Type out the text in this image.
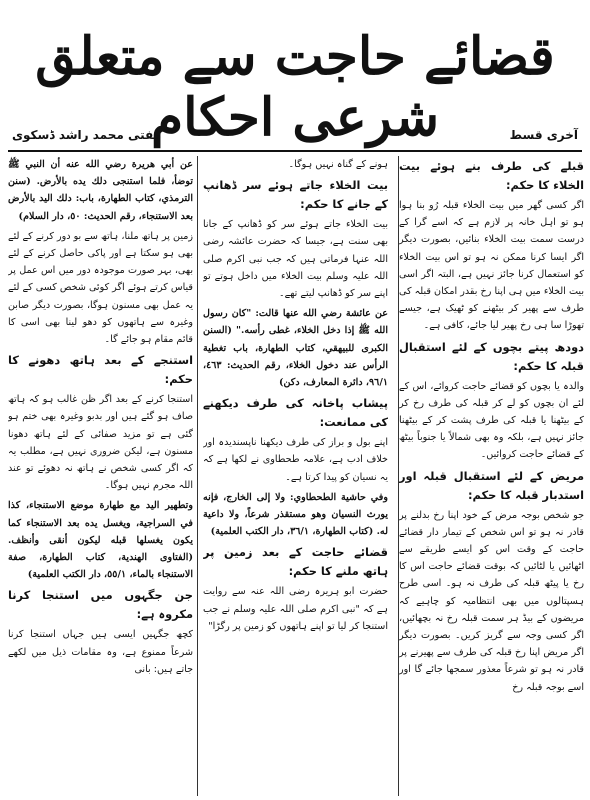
قضائے حاجت سے متعلق شرعی احکام	آخری قسط
مفتی محمد راشد ڈسکوی
قبلے کی طرف بنے ہوئے بیت الخلاء کا حکم:
اگر کسی گھر میں بیت الخلاء قبلہ رُو بنا ہوا ہو تو اہل خانہ پر لازم ہے کہ اسے گرا کے درست سمت بیت الخلاء بنائیں، بصورت دیگر اگر ایسا کرنا ممکن نہ ہو تو اس بیت الخلاء کو استعمال کرنا جائز نہیں ہے، البتہ اگر اسی بیت الخلاء میں ہی اپنا رخ بقدر امکان قبلہ کی طرف سے پھیر کر بیٹھنے کو ٹھیک ہے، جیسے تھوڑا سا ہی رخ پھیر لیا جائے، کافی ہے۔
دودھ پیتے بچوں کے لئے استقبال قبلہ کا حکم:
والدہ یا بچوں کو قضائے حاجت کروائے، اس کے لئے ان بچوں کو لے کر قبلہ کی طرف رخ کر کے بیٹھنا یا قبلہ کی طرف پشت کر کے بیٹھنا جائز نہیں ہے، بلکہ وہ بھی شمالاً یا جنوباً بیٹھ کے قضائے حاجت کروائیں۔
مریض کے لئے استقبال قبلہ اور استدبار قبلہ کا حکم:
جو شخص بوجہ مرض کے خود اپنا رخ بدلنے پر قادر نہ ہو تو اس شخص کے تیمار دار قضائے حاجت کے وقت اس کو ایسے طریقے سے اٹھائیں یا لٹائیں کہ بوقت قضائے حاجت اس کا رخ یا پیٹھ قبلہ کی طرف نہ ہو۔ اسی طرح ہسپتالوں میں بھی انتظامیہ کو چاہیے کہ مریضوں کے بیڈ ہر سمت قبلہ رخ نہ بچھائیں، اگر کسی وجہ سے گریز کریں۔ بصورت دیگر اگر مریض اپنا رخ قبلہ کی طرف سے پھیرنے پر قادر نہ ہو تو شرعاً معذور سمجھا جائے گا اور اسے بوجہ قبلہ رخ
ہونے کے گناہ نہیں ہوگا۔
بیت الخلاء جاتے ہوئے سر ڈھانپ کے جانے کا حکم:
بیت الخلاء جاتے ہوئے سر کو ڈھانپ کے جانا بھی سنت ہے، جیسا کہ حضرت عائشہ رضی اللہ عنہا فرماتی ہیں کہ جب نبی اکرم صلی اللہ علیہ وسلم بیت الخلاء میں داخل ہوتے تو اپنے سر کو ڈھانپ لیتے تھے۔
عن عائشة رضي الله عنها قالت: "كان رسول الله ﷺ إذا دخل الخلاء، غطى رأسه." (السنن الكبرى للبيهقي، كتاب الطهارة، باب تغطية الرأس عند دخول الخلاء، رقم الحديث: ٤٦٣، ٩٦/١، دائرة المعارف، دكن)
پیشاب پاخانہ کی طرف دیکھنے کی ممانعت:
اپنے بول و براز کی طرف دیکھنا ناپسندیدہ اور خلاف ادب ہے، علامہ طحطاوی نے لکھا ہے کہ یہ نسیان کو پیدا کرتا ہے۔
وفي حاشية الطحطاوي: ولا إلى الخارج، فإنه يورث النسيان وهو مستقذر شرعاً، ولا داعية له. (كتاب الطهارة، ٣٦/١، دار الكتب العلمية)
قضائے حاجت کے بعد زمین پر ہاتھ ملنے کا حکم:
حضرت ابو ہریرہ رضی اللہ عنہ سے روایت ہے کہ "نبی اکرم صلی اللہ علیہ وسلم نے جب استنجا کر لیا تو اپنے ہاتھوں کو زمین پر رگڑا"
عن أبي هريرة رضي الله عنه أن النبي ﷺ توضأ، فلما استنجى دلك يده بالأرض. (سنن الترمذي، كتاب الطهارة، باب: دلك اليد بالأرض بعد الاستنجاء، رقم الحديث: ٥٠، دار السلام)
زمین پر ہاتھ ملنا، ہاتھ سے بو دور کرنے کے لئے بھی ہو سکتا ہے اور پاکی حاصل کرنے کے لئے بھی، بہر صورت موجودہ دور میں اس عمل پر قیاس کرتے ہوئے اگر کوئی شخص کسی کے لئے یہ عمل بھی مسنون ہوگا، بصورت دیگر صابن وغیرہ سے ہاتھوں کو دھو لینا بھی اسی کا قائم مقام ہو جائے گا۔
استنجے کے بعد ہاتھ دھونے کا حکم:
استنجا کرنے کے بعد اگر ظن غالب ہو کہ ہاتھ صاف ہو گئے ہیں اور بدبو وغیرہ بھی ختم ہو گئی ہے تو مزید صفائی کے لئے ہاتھ دھونا مسنون ہے، لیکن ضروری نہیں ہے، مطلب یہ کہ اگر کسی شخص نے ہاتھ نہ دھوئے تو عند اللہ مجرم نہیں ہوگا۔
وتطهير اليد مع طهارة موضع الاستنجاء، كذا في السراجية، ويغسل يده بعد الاستنجاء كما يكون يغسلها قبله ليكون أنقى وأنظف. (الفتاوى الهندية، كتاب الطهارة، صفة الاستنجاء بالماء، ٥٥/١، دار الكتب العلمية)
جن جگہوں میں استنجا کرنا مکروہ ہے:
کچھ جگہیں ایسی ہیں جہاں استنجا کرنا شرعاً ممنوع ہے، وہ مقامات ذیل میں لکھے جاتے ہیں: بانی
